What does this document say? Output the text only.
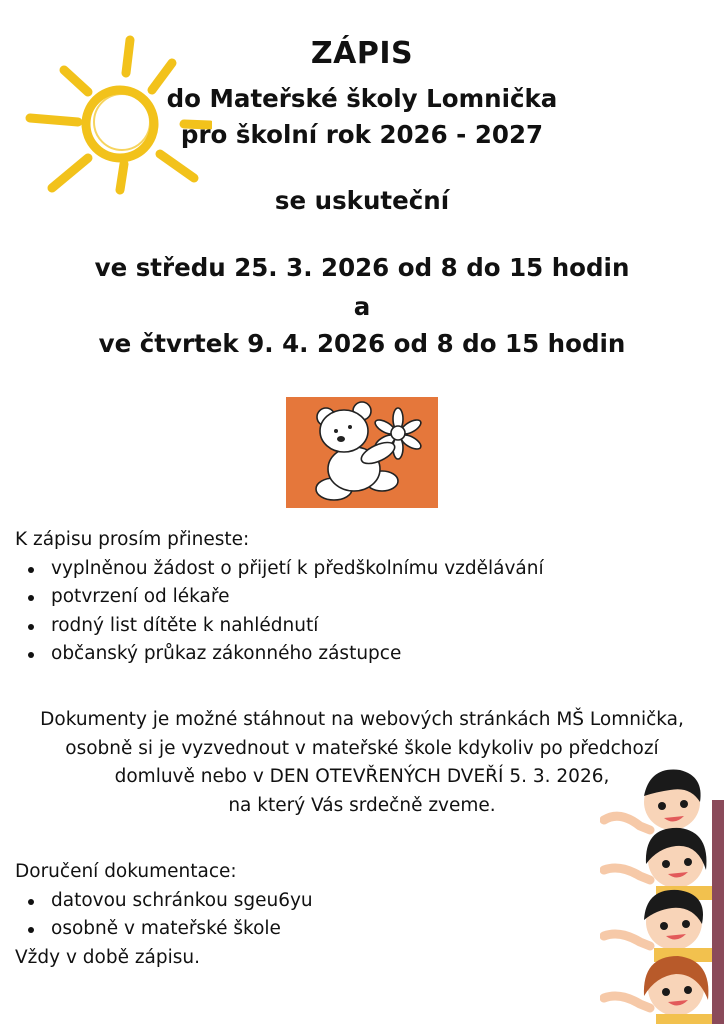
ZÁPIS
do Mateřské školy Lomnička
pro školní rok 2026 - 2027
se uskuteční
ve středu 25. 3. 2026 od 8 do 15 hodin
a
ve čtvrtek 9. 4. 2026 od 8 do 15 hodin

K zápisu prosím přineste:

vyplněnou žádost o přijetí k předškolnímu vzdělávání
potvrzení od lékaře
rodný list dítěte k nahlédnutí
občanský průkaz zákonného zástupce
Dokumenty je možné stáhnout na webových stránkách MŠ Lomnička,
osobně si je vyzvednout v mateřské škole kdykoliv po předchozí
domluvě nebo v DEN OTEVŘENÝCH DVEŘÍ 5. 3. 2026,
na který Vás srdečně zveme.

Doručení dokumentace:

datovou schránkou sgeu6yu
osobně v mateřské škole

Vždy v době zápisu.
